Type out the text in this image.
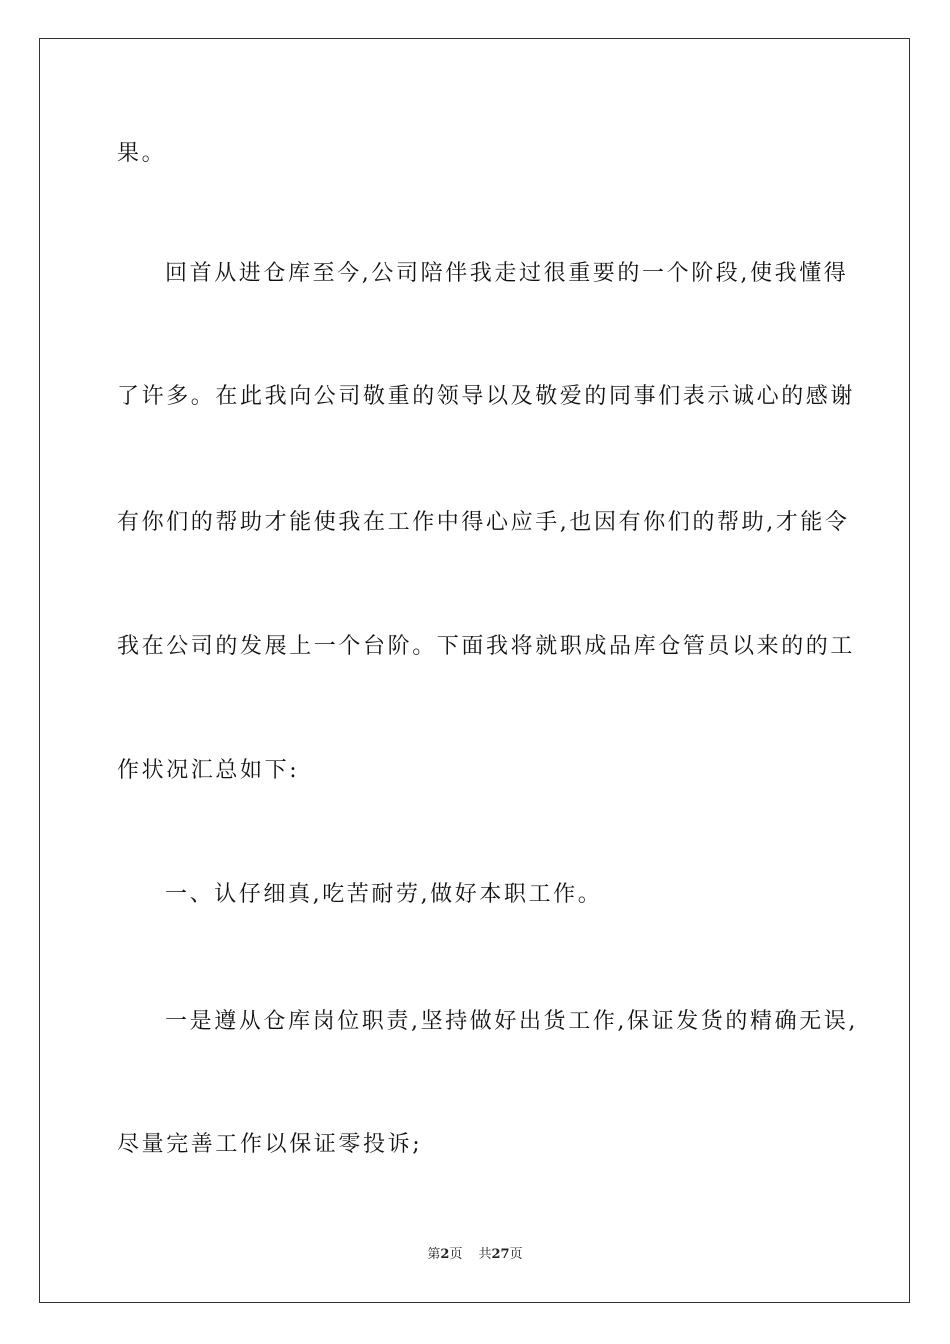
果。
回首从进仓库至今,公司陪伴我走过很重要的一个阶段,使我懂得
了许多。在此我向公司敬重的领导以及敬爱的同事们表示诚心的感谢
有你们的帮助才能使我在工作中得心应手,也因有你们的帮助,才能令
我在公司的发展上一个台阶。下面我将就职成品库仓管员以来的的工
作状况汇总如下:
一、认仔细真,吃苦耐劳,做好本职工作。
一是遵从仓库岗位职责,坚持做好出货工作,保证发货的精确无误,
尽量完善工作以保证零投诉;
第2页 共27页
